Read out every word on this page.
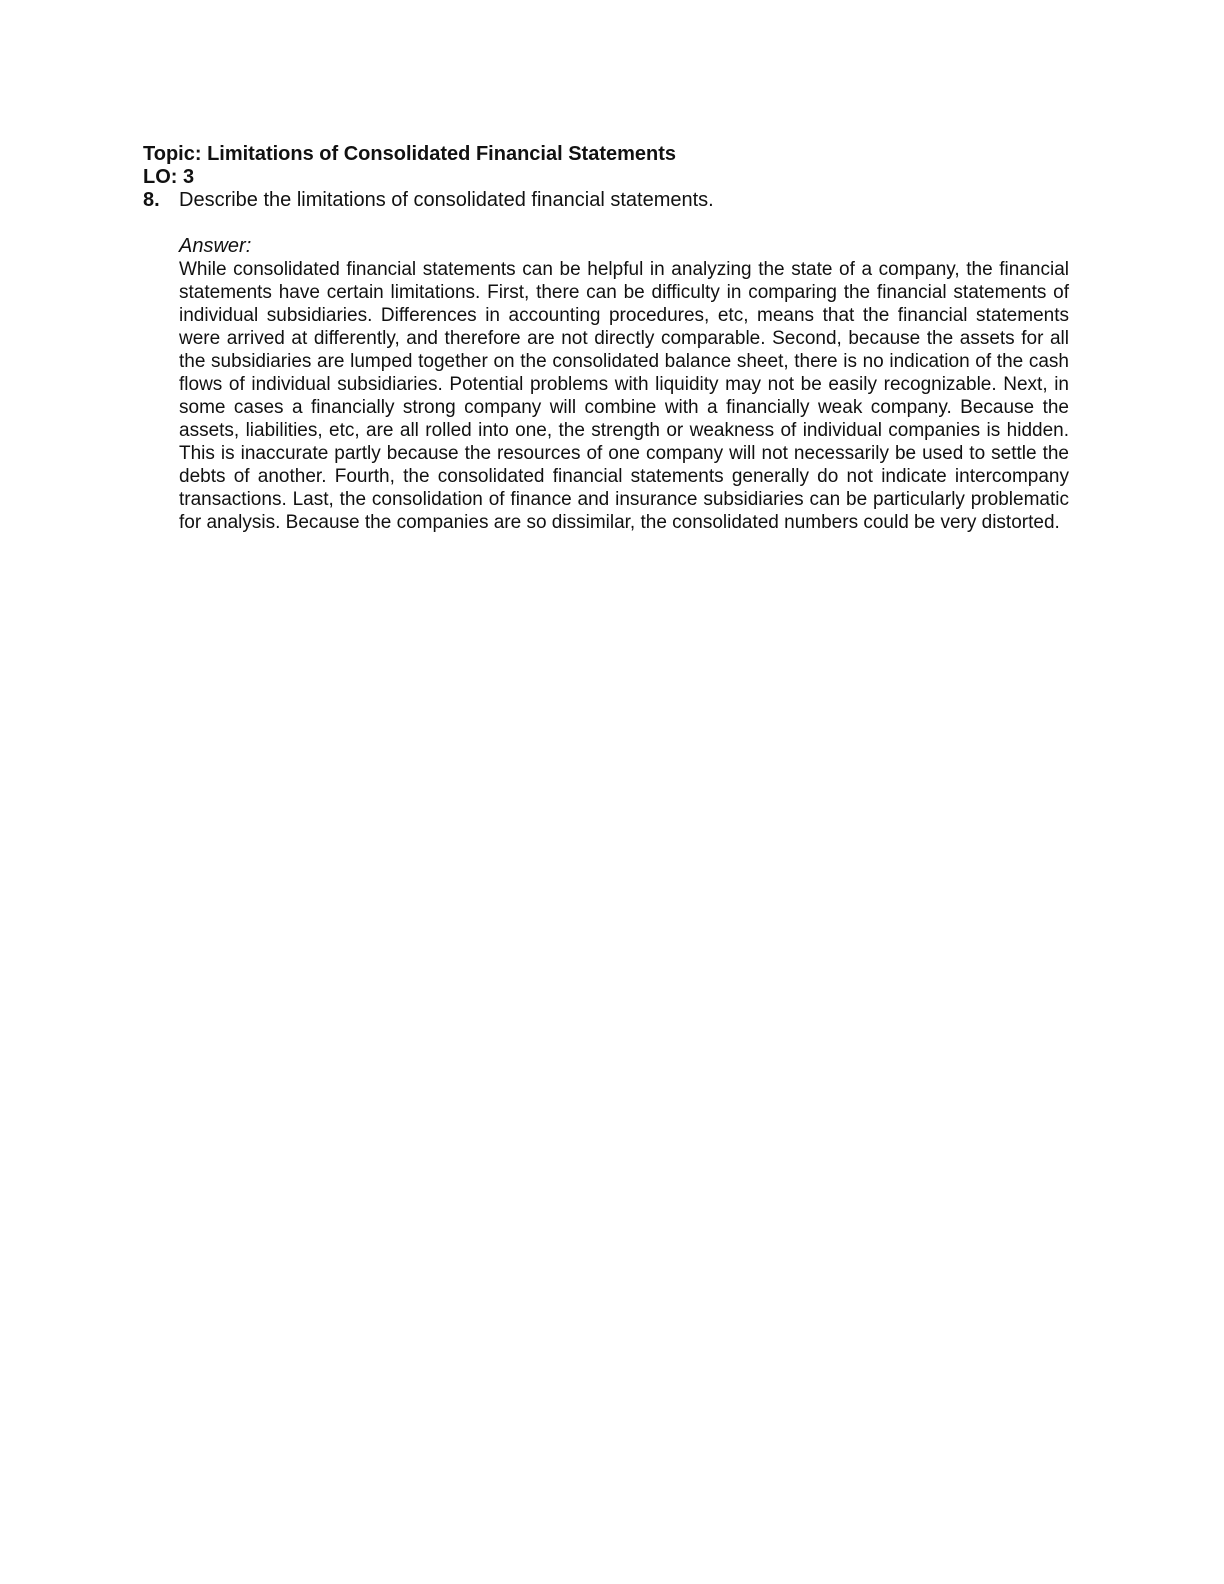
Topic: Limitations of Consolidated Financial Statements
LO: 3
8. Describe the limitations of consolidated financial statements.
Answer:

While consolidated financial statements can be helpful in analyzing the state of a company, the financial statements have certain limitations. First, there can be difficulty in comparing the financial statements of individual subsidiaries. Differences in accounting procedures, etc, means that the financial statements were arrived at differently, and therefore are not directly comparable. Second, because the assets for all the subsidiaries are lumped together on the consolidated balance sheet, there is no indication of the cash flows of individual subsidiaries. Potential problems with liquidity may not be easily recognizable. Next, in some cases a financially strong company will combine with a financially weak company. Because the assets, liabilities, etc, are all rolled into one, the strength or weakness of individual companies is hidden. This is inaccurate partly because the resources of one company will not necessarily be used to settle the debts of another. Fourth, the consolidated financial statements generally do not indicate intercompany transactions. Last, the consolidation of finance and insurance subsidiaries can be particularly problematic for analysis. Because the companies are so dissimilar, the consolidated numbers could be very distorted.
